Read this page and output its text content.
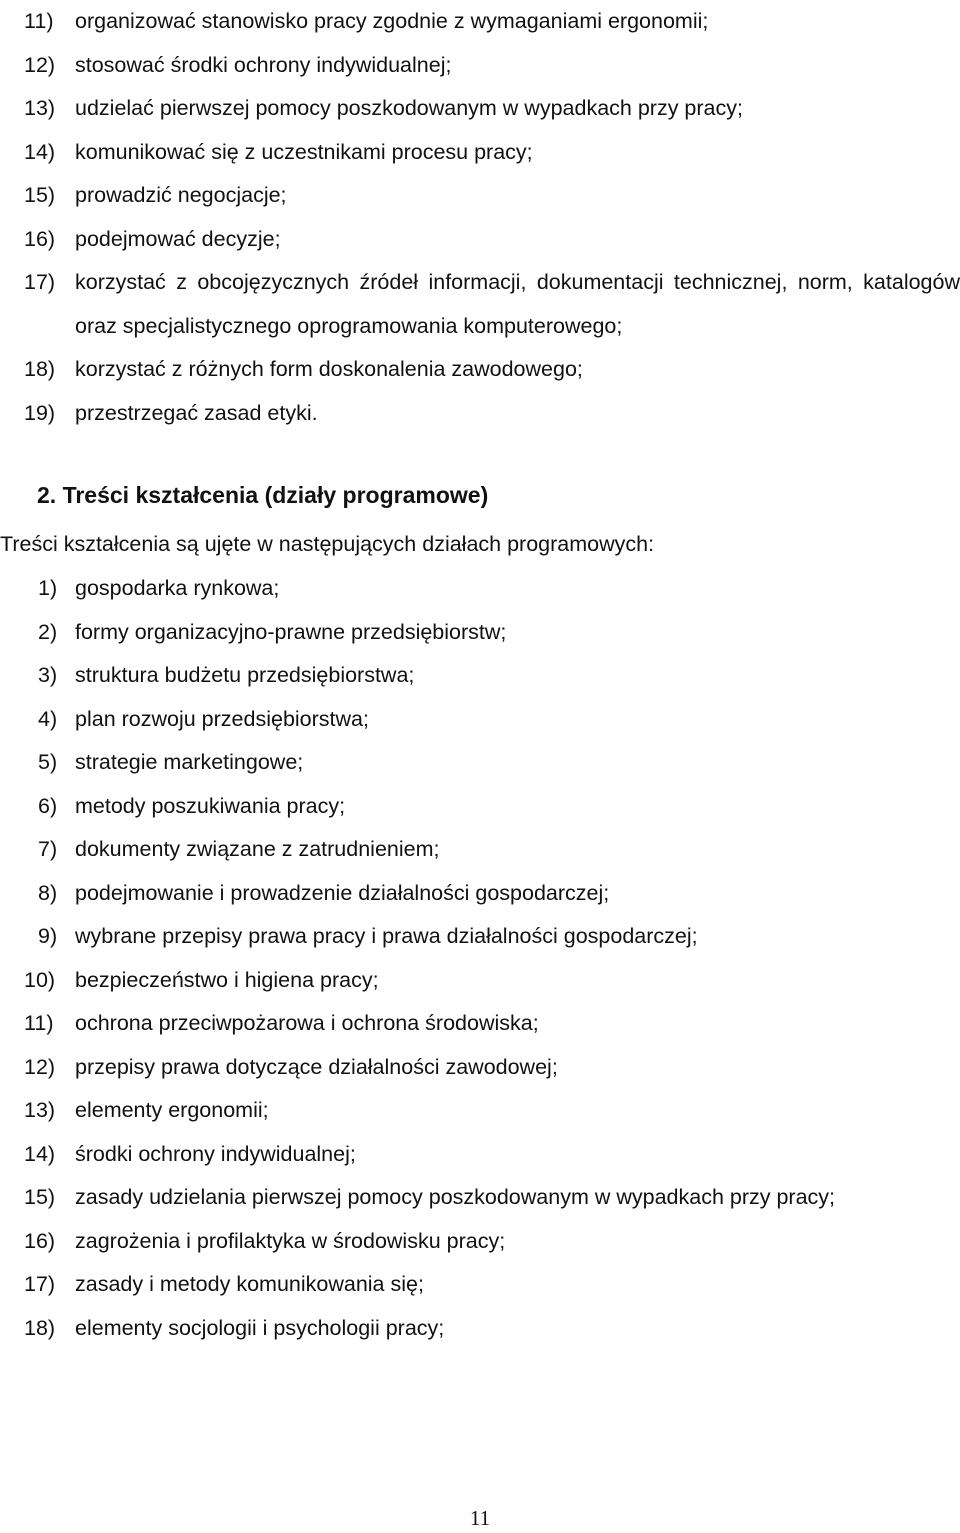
11)	organizować stanowisko pracy zgodnie z wymaganiami ergonomii;
12) stosować środki ochrony indywidualnej;
13) udzielać pierwszej pomocy poszkodowanym w wypadkach przy pracy;
14) komunikować się z uczestnikami procesu pracy;
15) prowadzić negocjacje;
16) podejmować decyzje;
17) korzystać z obcojęzycznych źródeł informacji, dokumentacji technicznej, norm, katalogów oraz specjalistycznego oprogramowania komputerowego;
18) korzystać z różnych form doskonalenia zawodowego;
19) przestrzegać zasad etyki.
2. Treści kształcenia (działy programowe)

Treści kształcenia są ujęte w następujących działach programowych:

1) gospodarka rynkowa;
2) formy organizacyjno-prawne przedsiębiorstw;
3) struktura budżetu przedsiębiorstwa;
4) plan rozwoju przedsiębiorstwa;
5) strategie marketingowe;
6) metody poszukiwania pracy;
7) dokumenty związane z zatrudnieniem;
8) podejmowanie i prowadzenie działalności gospodarczej;
9) wybrane przepisy prawa pracy i prawa działalności gospodarczej;
10) bezpieczeństwo i higiena pracy;
11)	ochrona przeciwpożarowa i ochrona środowiska;
12) przepisy prawa dotyczące działalności zawodowej;
13) elementy ergonomii;
14) środki ochrony indywidualnej;
15) zasady udzielania pierwszej pomocy poszkodowanym w wypadkach przy pracy;
16) zagrożenia i profilaktyka w środowisku pracy;
17) zasady i metody komunikowania się;
18) elementy socjologii i psychologii pracy;
11
